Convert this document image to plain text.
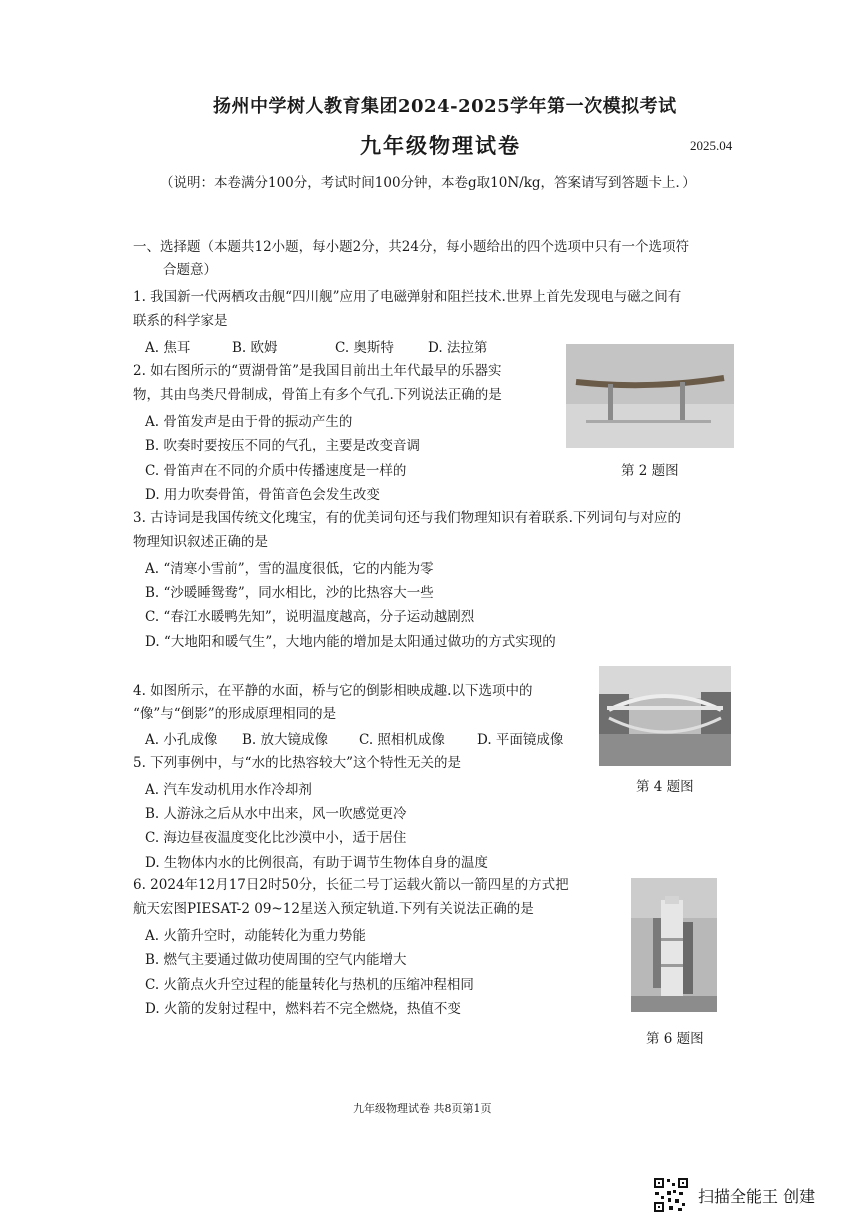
扬州中学树人教育集团2024-2025学年第一次模拟考试
九年级物理试卷	2025.04
（说明：本卷满分100分，考试时间100分钟，本卷g取10N/kg，答案请写到答题卡上．）
一、选择题（本题共12小题，每小题2分，共24分，每小题给出的四个选项中只有一个选项符
合题意）
1. 我国新一代两栖攻击舰“四川舰”应用了电磁弹射和阻拦技术.世界上首先发现电与磁之间有
联系的科学家是
A. 焦耳	B. 欧姆	C. 奥斯特	D. 法拉第
2. 如右图所示的“贾湖骨笛”是我国目前出土年代最早的乐器实
物，其由鸟类尺骨制成，骨笛上有多个气孔.下列说法正确的是
A. 骨笛发声是由于骨的振动产生的
B. 吹奏时要按压不同的气孔，主要是改变音调
C. 骨笛声在不同的介质中传播速度是一样的
D. 用力吹奏骨笛，骨笛音色会发生改变
第 2 题图
3. 古诗词是我国传统文化瑰宝，有的优美词句还与我们物理知识有着联系.下列词句与对应的
物理知识叙述正确的是
A. “清寒小雪前”，雪的温度很低，它的内能为零
B. “沙暖睡鸳鸯”，同水相比，沙的比热容大一些
C. “春江水暖鸭先知”，说明温度越高，分子运动越剧烈
D. “大地阳和暖气生”，大地内能的增加是太阳通过做功的方式实现的
4. 如图所示，在平静的水面，桥与它的倒影相映成趣.以下选项中的
“像”与“倒影”的形成原理相同的是
A. 小孔成像 B. 放大镜成像 C. 照相机成像 D. 平面镜成像
5. 下列事例中，与“水的比热容较大”这个特性无关的是
第 4 题图
A. 汽车发动机用水作冷却剂
B. 人游泳之后从水中出来，风一吹感觉更冷
C. 海边昼夜温度变化比沙漠中小，适于居住
D. 生物体内水的比例很高，有助于调节生物体自身的温度
6. 2024年12月17日2时50分，长征二号丁运载火箭以一箭四星的方式把
航天宏图PIESAT-2 09~12星送入预定轨道.下列有关说法正确的是
A. 火箭升空时，动能转化为重力势能
B. 燃气主要通过做功使周围的空气内能增大
C. 火箭点火升空过程的能量转化与热机的压缩冲程相同
D. 火箭的发射过程中，燃料若不完全燃烧，热值不变
第 6 题图
九年级物理试卷 共8页第1页
扫描全能王 创建
